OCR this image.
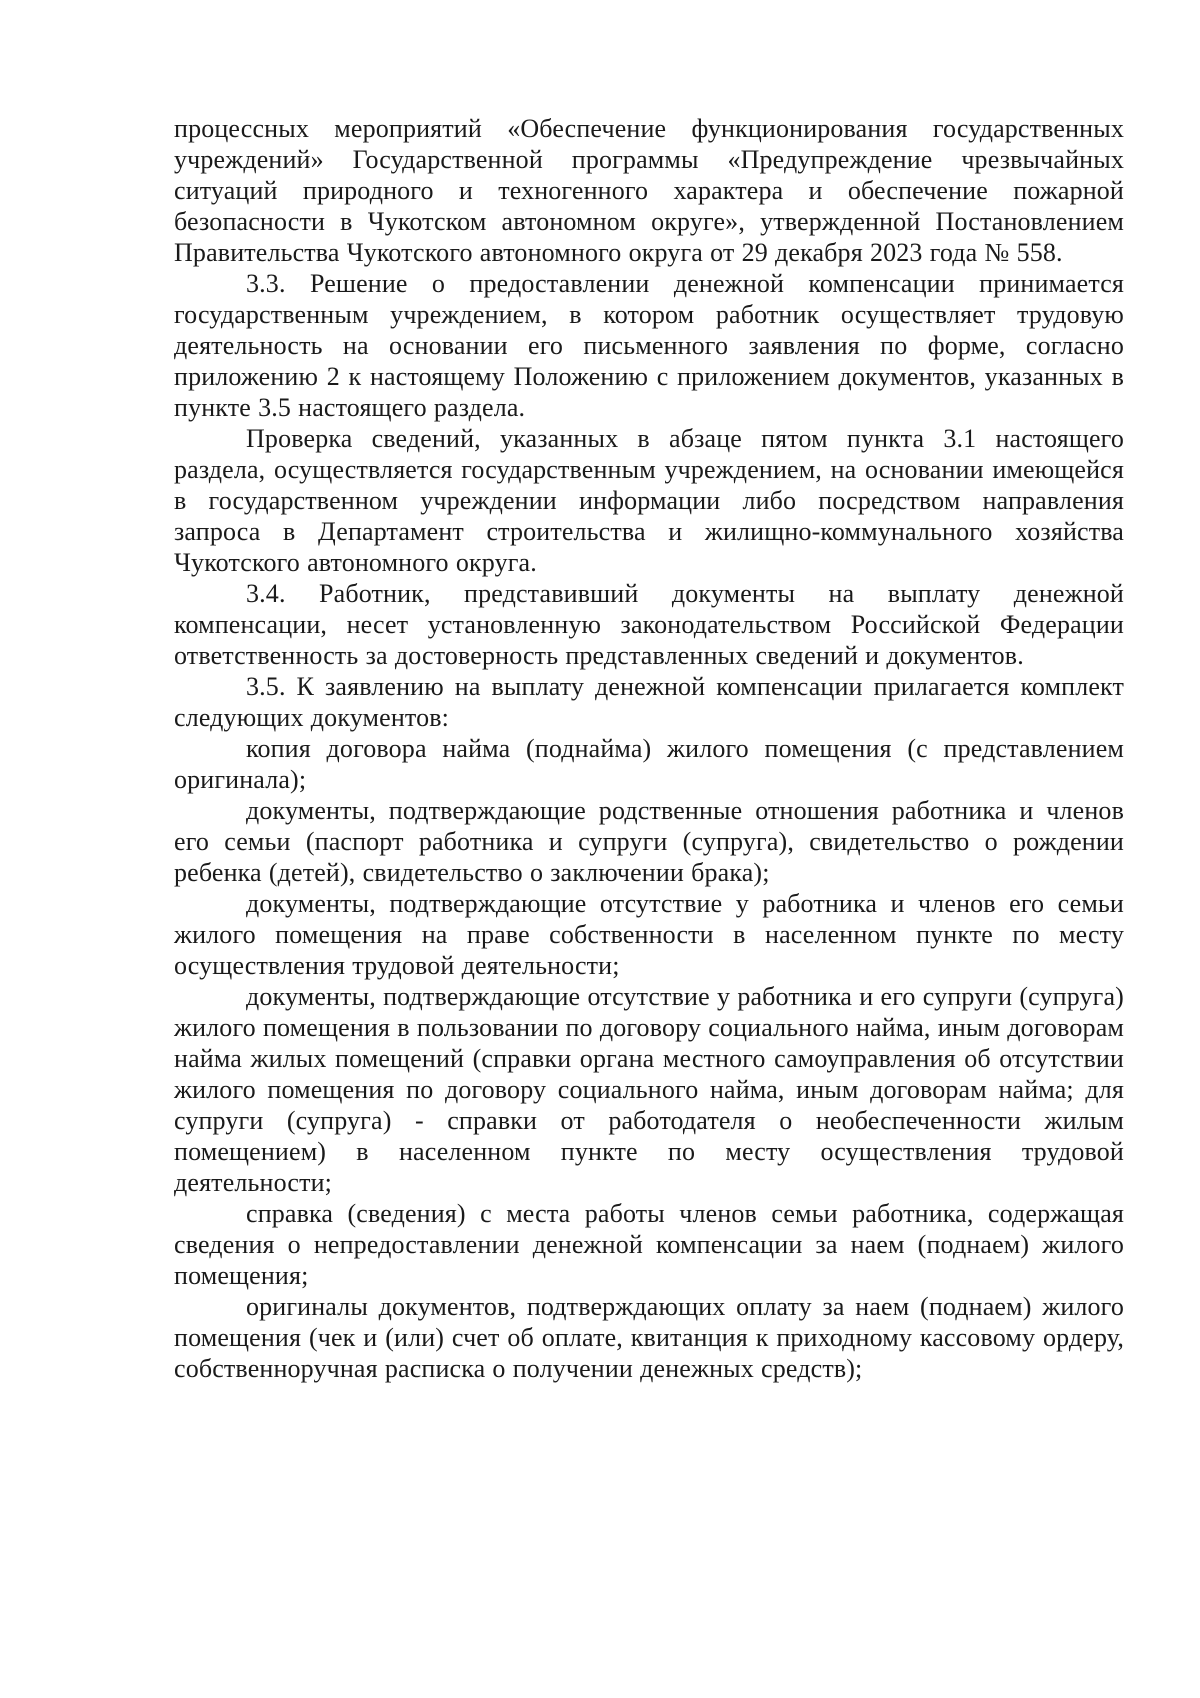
процессных мероприятий «Обеспечение функционирования государственных учреждений» Государственной программы «Предупреждение чрезвычайных ситуаций природного и техногенного характера и обеспечение пожарной безопасности в Чукотском автономном округе», утвержденной Постановлением Правительства Чукотского автономного округа от 29 декабря 2023 года № 558.

3.3. Решение о предоставлении денежной компенсации принимается государственным учреждением, в котором работник осуществляет трудовую деятельность на основании его письменного заявления по форме, согласно приложению 2 к настоящему Положению с приложением документов, указанных в пункте 3.5 настоящего раздела.

Проверка сведений, указанных в абзаце пятом пункта 3.1 настоящего раздела, осуществляется государственным учреждением, на основании имеющейся в государственном учреждении информации либо посредством направления запроса в Департамент строительства и жилищно-коммунального хозяйства Чукотского автономного округа.

3.4. Работник, представивший документы на выплату денежной компенсации, несет установленную законодательством Российской Федерации ответственность за достоверность представленных сведений и документов.

3.5. К заявлению на выплату денежной компенсации прилагается комплект следующих документов:

копия договора найма (поднайма) жилого помещения (с представлением оригинала);

документы, подтверждающие родственные отношения работника и членов его семьи (паспорт работника и супруги (супруга), свидетельство о рождении ребенка (детей), свидетельство о заключении брака);

документы, подтверждающие отсутствие у работника и членов его семьи жилого помещения на праве собственности в населенном пункте по месту осуществления трудовой деятельности;

документы, подтверждающие отсутствие у работника и его супруги (супруга) жилого помещения в пользовании по договору социального найма, иным договорам найма жилых помещений (справки органа местного самоуправления об отсутствии жилого помещения по договору социального найма, иным договорам найма; для супруги (супруга) - справки от работодателя о необеспеченности жилым помещением) в населенном пункте по месту осуществления трудовой деятельности;

справка (сведения) с места работы членов семьи работника, содержащая сведения о непредоставлении денежной компенсации за наем (поднаем) жилого помещения;

оригиналы документов, подтверждающих оплату за наем (поднаем) жилого помещения (чек и (или) счет об оплате, квитанция к приходному кассовому ордеру, собственноручная расписка о получении денежных средств);
